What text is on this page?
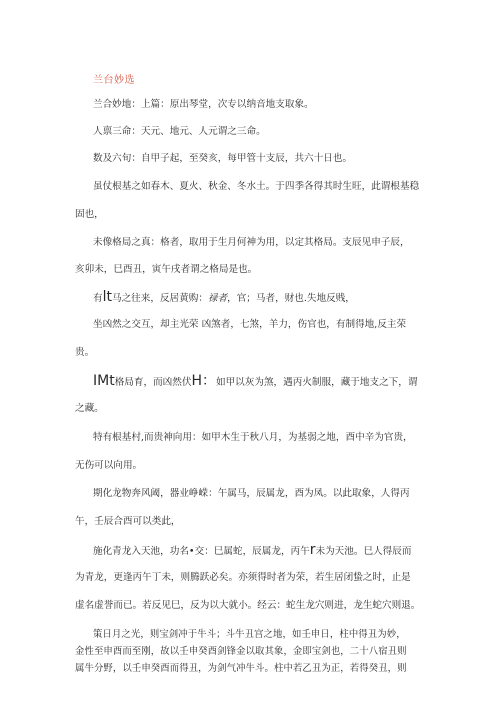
兰台妙选
兰合妙地：上篇：原出琴堂，次专以纳音地支取象。
人禀三命：天元、地元、人元谓之三命。
数及六旬：自甲子起，至癸亥，每甲管十支辰，共六十日也。
虽仗根基之如春木、夏火、秋金、冬水土。于四季各得其时生旺，此谓根基稳
固也，
未像格局之真：格者，取用于生月何神为用，以定其格局。支辰见申子辰，
亥卯未，巳酉丑，寅午戌者谓之格局是也。
有lt马之往来，反居黄购：禄者，官；马者，财也.失地反贱，
坐凶然之交互，却主光荣 凶煞者，七煞，羊力，伤官也，有制得地,反主荣
贵。
IMt格局育，而凶然伏H：如甲以灰为煞，遇丙火制服，藏于地支之下，谓
之藏。
特有根基村,而贵神向用：如甲木生于秋八月，为基弱之地，酉中辛为官贵，
无伤可以向用。
期化龙物奔风阈，器业峥嵘：午属马，辰属龙，酉为凤。以此取象，人得丙
午，壬辰合酉可以类此，
施化青龙入天池，功名•交：巳属蛇，辰属龙，丙午r未为天池。巳人得辰而
为青龙，更逢丙午丁未，则腾跃必矣。亦须得时者为荣，若生居闭蛰之时，止是
虚名虚誉而已。若反见巳，反为以大就小。经云：蛇生龙穴则进，龙生蛇穴则退。
策日月之光，则宝剑冲于牛斗；斗牛丑宫之地，如壬申日，柱中得丑为妙，
金性至申酉而至刚，故以壬申癸酉剑锋金以取其象，金即宝剑也，二十八宿丑则
属牛分野，以壬申癸酉而得丑，为剑气冲牛斗。柱中若乙丑为正，若得癸丑，则
